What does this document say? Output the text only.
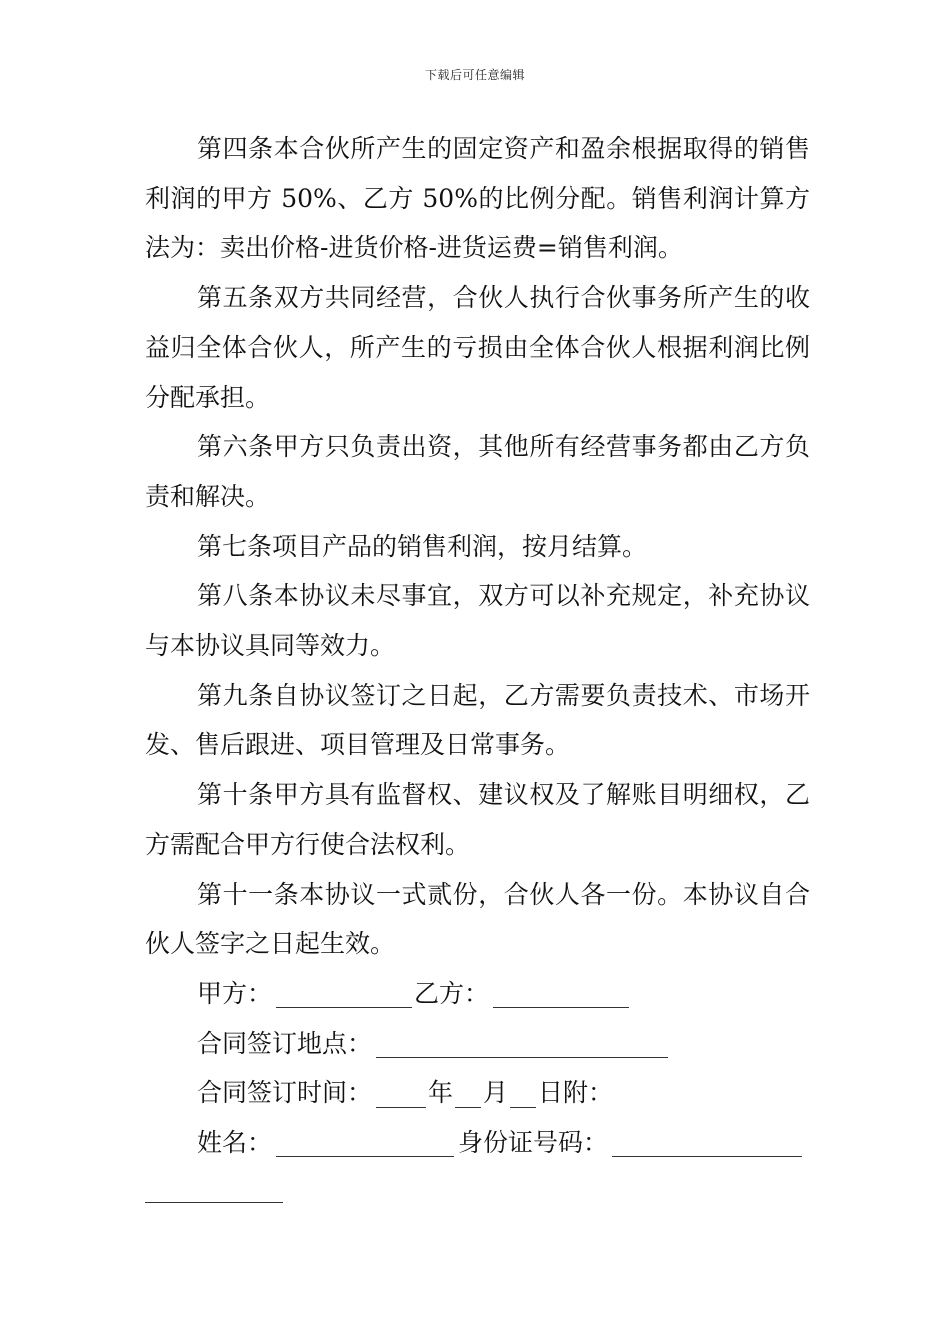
下载后可任意编辑

第四条本合伙所产生的固定资产和盈余根据取得的销售利润的甲方 50%、乙方 50%的比例分配。销售利润计算方法为：卖出价格-进货价格-进货运费=销售利润。

第五条双方共同经营，合伙人执行合伙事务所产生的收益归全体合伙人，所产生的亏损由全体合伙人根据利润比例分配承担。

第六条甲方只负责出资，其他所有经营事务都由乙方负责和解决。

第七条项目产品的销售利润，按月结算。

第八条本协议未尽事宜，双方可以补充规定，补充协议与本协议具同等效力。

第九条自协议签订之日起，乙方需要负责技术、市场开发、售后跟进、项目管理及日常事务。

第十条甲方具有监督权、建议权及了解账目明细权，乙方需配合甲方行使合法权利。

第十一条本协议一式贰份，合伙人各一份。本协议自合伙人签字之日起生效。

甲方：	乙方：
合同签订地点：
合同签订时间： 年 月 日附：
姓名：	身份证号码：
